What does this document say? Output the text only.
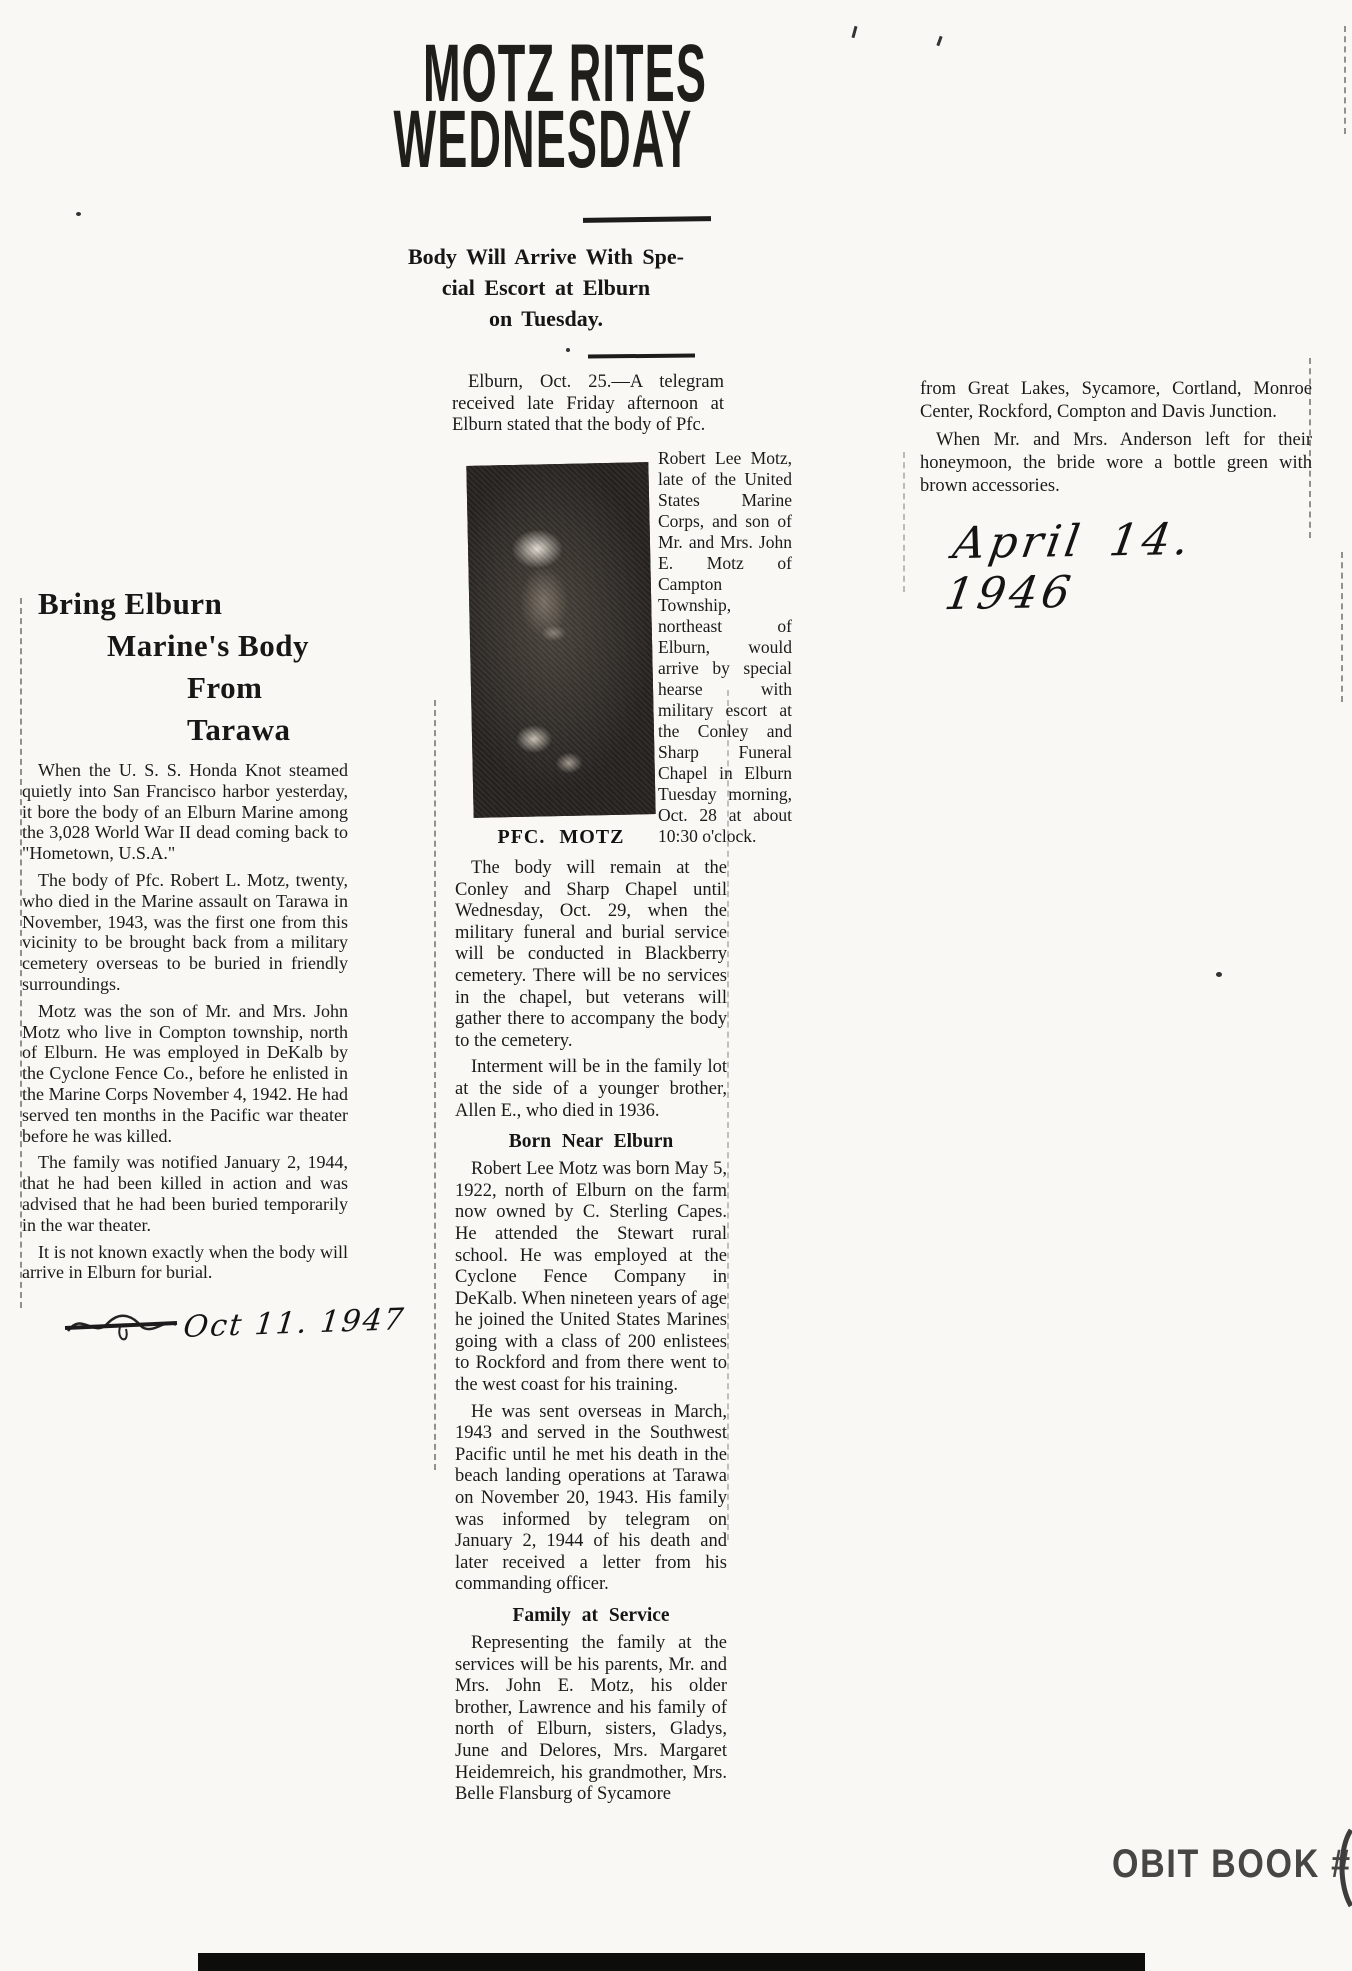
MOTZ RITES
WEDNESDAY
Body Will Arrive With Spe-
cial Escort at Elburn
on Tuesday.

Elburn, Oct. 25.—A telegram received late Friday afternoon at Elburn stated that the body of Pfc.

Robert Lee Motz, late of the United States Marine Corps, and son of Mr. and Mrs. John E. Motz of Campton Township, northeast of Elburn, would arrive by special hearse with military escort at the Conley and Sharp Funeral Chapel in Elburn Tuesday morning, Oct. 28 at about 10:30 o'clock.
PFC. MOTZ

The body will remain at the Conley and Sharp Chapel until Wednesday, Oct. 29, when the military funeral and burial service will be conducted in Blackberry cemetery. There will be no services in the chapel, but veterans will gather there to accompany the body to the cemetery.

Interment will be in the family lot at the side of a younger brother, Allen E., who died in 1936.

Born Near Elburn

Robert Lee Motz was born May 5, 1922, north of Elburn on the farm now owned by C. Sterling Capes. He attended the Stewart rural school. He was employed at the Cyclone Fence Company in DeKalb. When nineteen years of age he joined the United States Marines going with a class of 200 enlistees to Rockford and from there went to the west coast for his training.

He was sent overseas in March, 1943 and served in the Southwest Pacific until he met his death in the beach landing operations at Tarawa on November 20, 1943. His family was informed by telegram on January 2, 1944 of his death and later received a letter from his commanding officer.

Family at Service

Representing the family at the services will be his parents, Mr. and Mrs. John E. Motz, his older brother, Lawrence and his family of north of Elburn, sisters, Gladys, June and Delores, Mrs. Margaret Heidemreich, his grandmother, Mrs. Belle Flansburg of Sycamore

Bring Elburn
Marine's Body
From Tarawa

When the U. S. S. Honda Knot steamed quietly into San Francisco harbor yesterday, it bore the body of an Elburn Marine among the 3,028 World War II dead coming back to "Hometown, U.S.A."

The body of Pfc. Robert L. Motz, twenty, who died in the Marine assault on Tarawa in November, 1943, was the first one from this vicinity to be brought back from a military cemetery overseas to be buried in friendly surroundings.

Motz was the son of Mr. and Mrs. John Motz who live in Compton township, north of Elburn. He was employed in DeKalb by the Cyclone Fence Co., before he enlisted in the Marine Corps November 4, 1942. He had served ten months in the Pacific war theater before he was killed.

The family was notified January 2, 1944, that he had been killed in action and was advised that he had been buried temporarily in the war theater.

It is not known exactly when the body will arrive in Elburn for burial.

Oct 11. 1947

from Great Lakes, Sycamore, Cortland, Monroe Center, Rockford, Compton and Davis Junction.

When Mr. and Mrs. Anderson left for their honeymoon, the bride wore a bottle green with brown accessories.

April 14. 1946
OBIT BOOK #
